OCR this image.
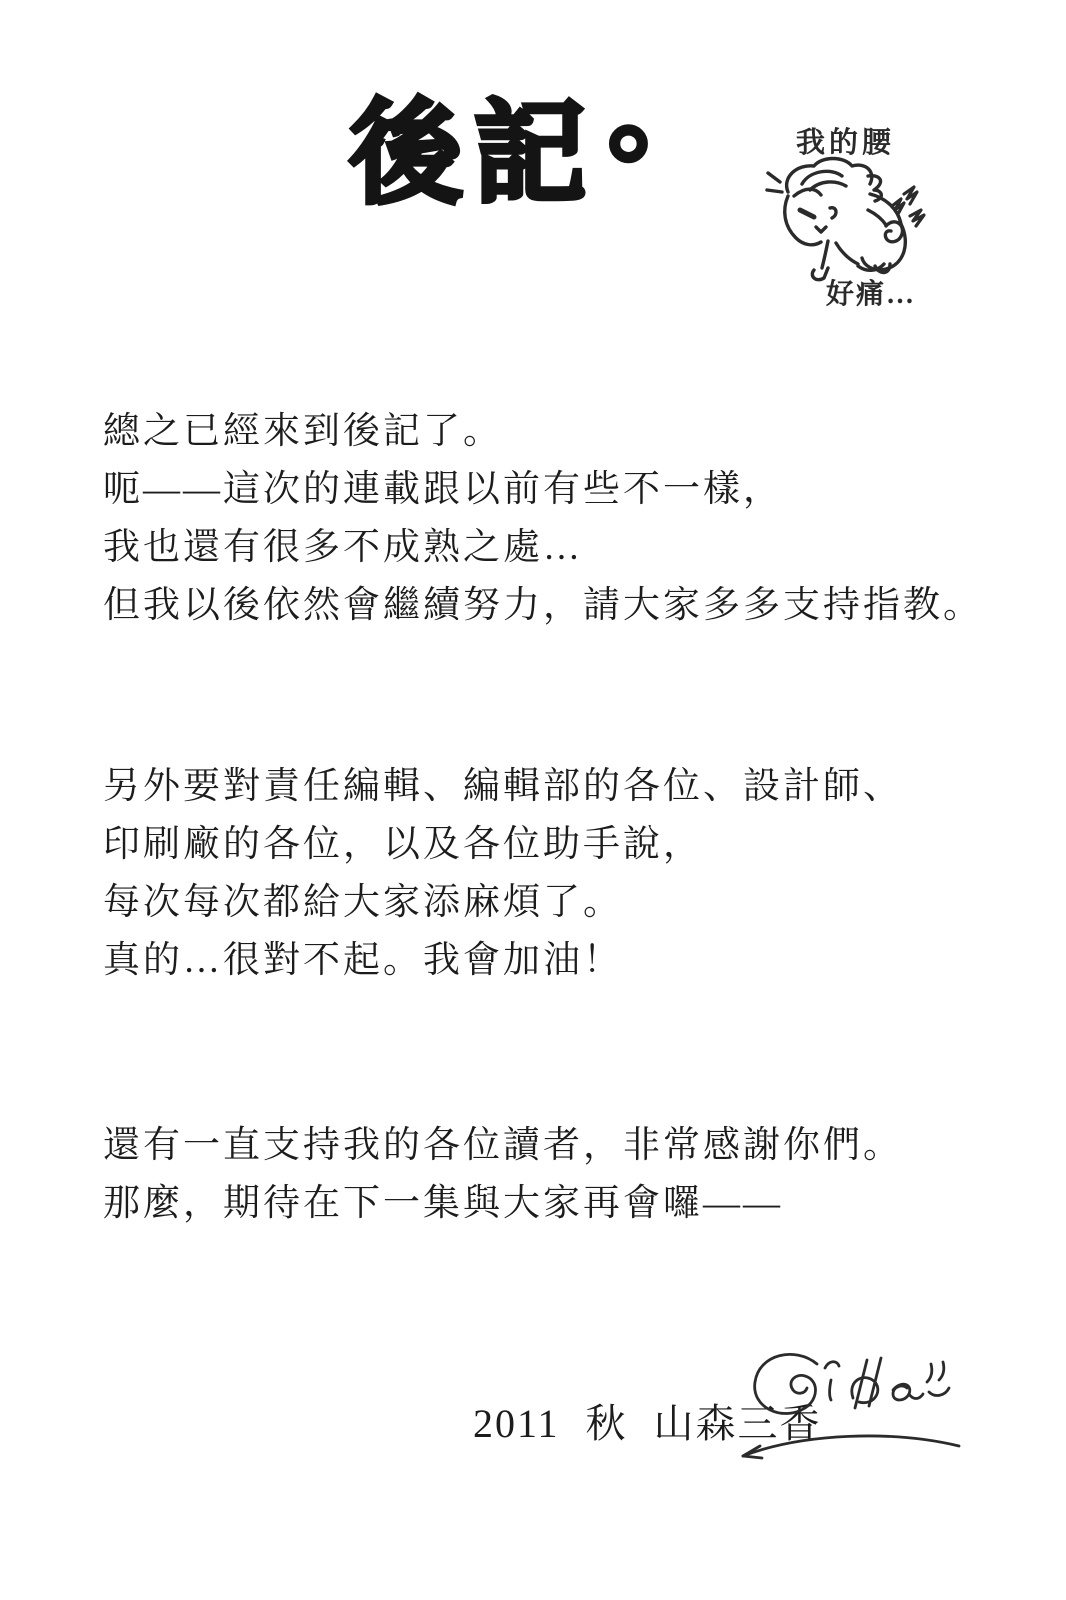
後記。 我的腰
好痛…
總之已經來到後記了。
呃——這次的連載跟以前有些不一樣，
我也還有很多不成熟之處…
但我以後依然會繼續努力，請大家多多支持指教。
另外要對責任編輯、編輯部的各位、設計師、
印刷廠的各位，以及各位助手說，
每次每次都給大家添麻煩了。
真的…很對不起。我會加油！
還有一直支持我的各位讀者，非常感謝你們。
那麼，期待在下一集與大家再會囉——
2011 秋 山森三香
